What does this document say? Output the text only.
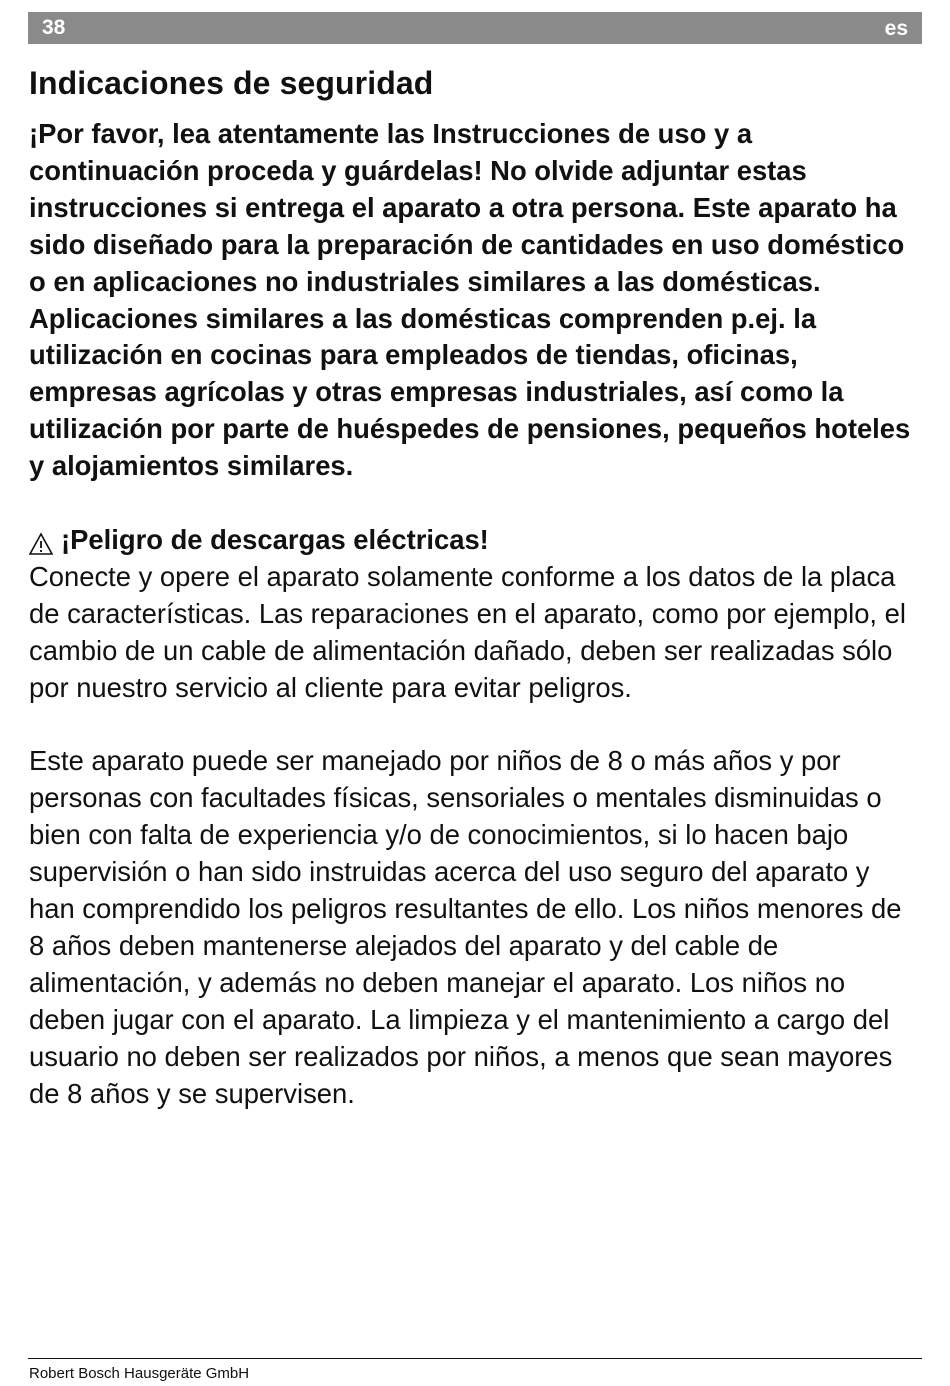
38	es
Indicaciones de seguridad

¡Por favor, lea atentamente las Instrucciones de uso y a continuación proceda y guárdelas! No olvide adjuntar estas instrucciones si entrega el aparato a otra persona. Este aparato ha sido diseñado para la preparación de cantidades en uso doméstico o en aplicaciones no industriales similares a las domésticas. Aplicaciones similares a las domésticas comprenden p.ej. la utilización en cocinas para empleados de tiendas, oficinas, empresas agrícolas y otras empresas industriales, así como la utilización por parte de huéspedes de pensiones, pequeños hoteles y alojamientos similares.

¡Peligro de descargas eléctricas!

Conecte y opere el aparato solamente conforme a los datos de la placa de características. Las reparaciones en el aparato, como por ejemplo, el cambio de un cable de alimentación dañado, deben ser realizadas sólo por nuestro servicio al cliente para evitar peligros.

Este aparato puede ser manejado por niños de 8 o más años y por personas con facultades físicas, sensoriales o mentales disminuidas o bien con falta de experiencia y/o de conocimientos, si lo hacen bajo supervisión o han sido instruidas acerca del uso seguro del aparato y han comprendido los peligros resultantes de ello. Los niños menores de 8 años deben mantenerse alejados del aparato y del cable de alimentación, y además no deben manejar el aparato. Los niños no deben jugar con el aparato. La limpieza y el mantenimiento a cargo del usuario no deben ser realizados por niños, a menos que sean mayores de 8 años y se supervisen.

Robert Bosch Hausgeräte GmbH
